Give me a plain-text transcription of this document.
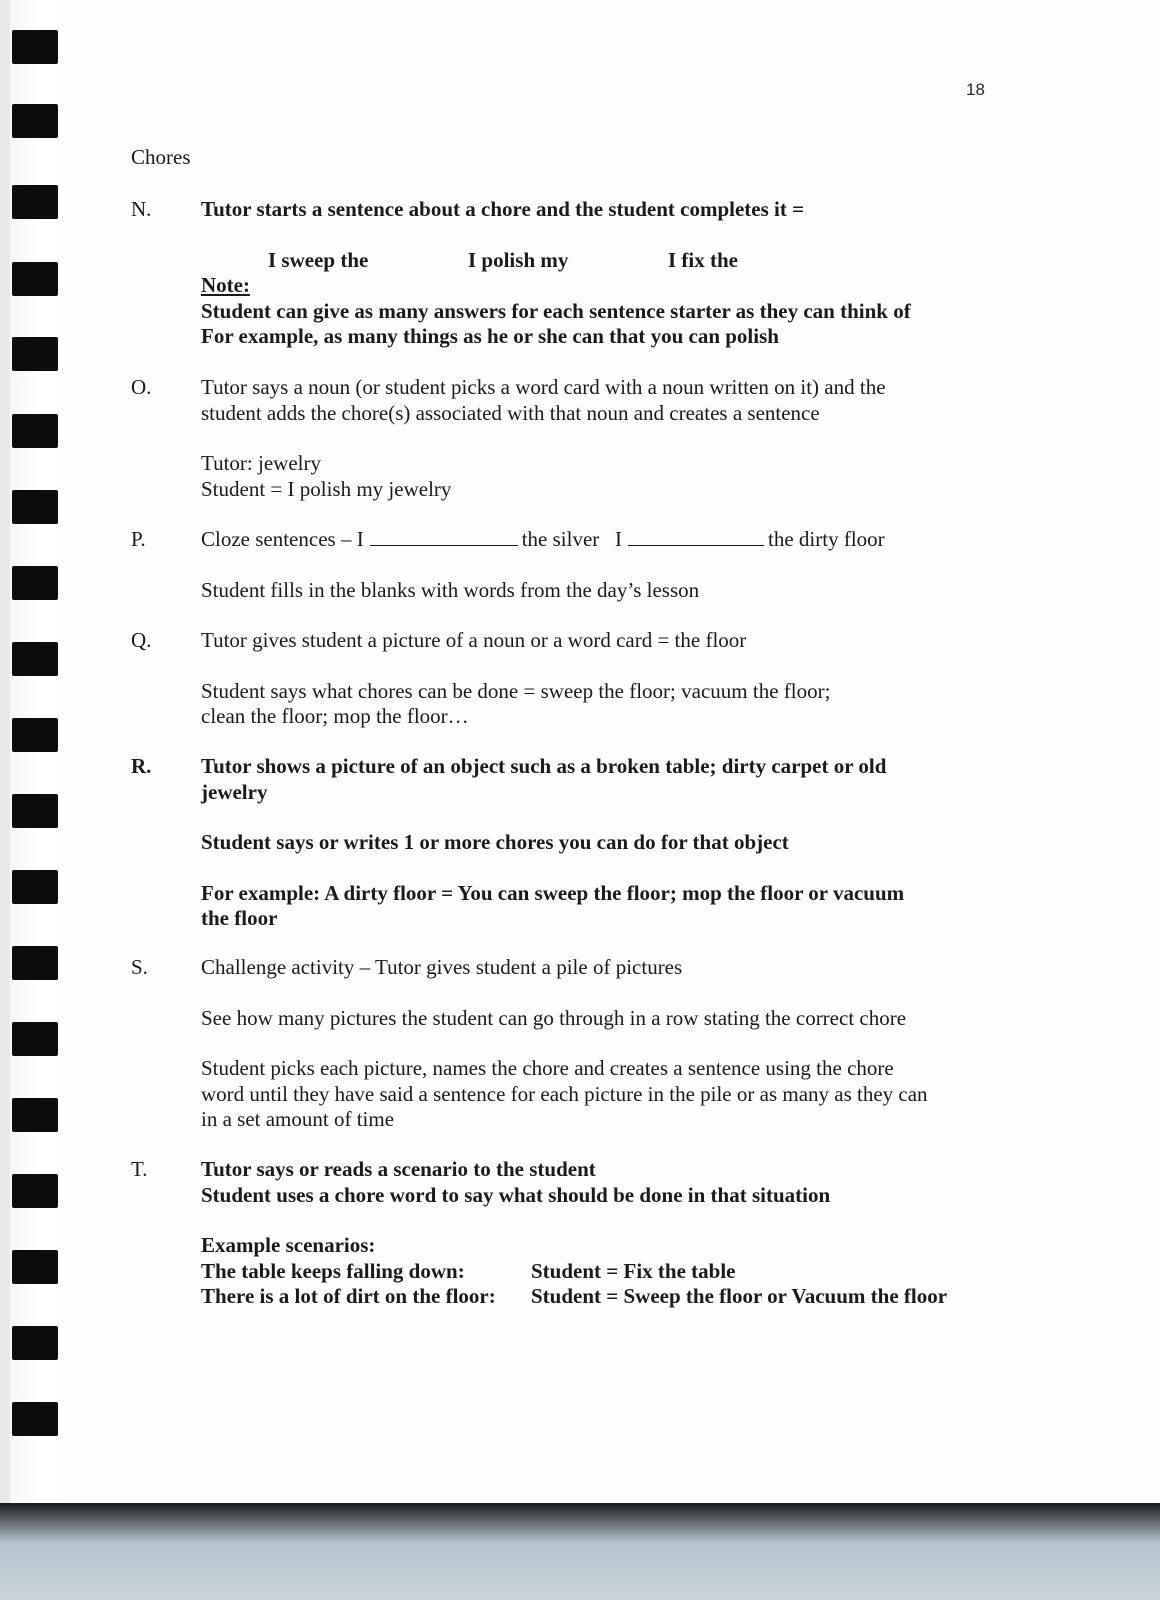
18
Chores
N.	Tutor starts a sentence about a chore and the student completes it =

I sweep the	I polish my	I fix the

Note:

Student can give as many answers for each sentence starter as they can think of

For example, as many things as he or she can that you can polish

O.	Tutor says a noun (or student picks a word card with a noun written on it) and the

student adds the chore(s) associated with that noun and creates a sentence

Tutor: jewelry

Student = I polish my jewelry

P.	Cloze sentences – I	the silver   I	the dirty floor

Student fills in the blanks with words from the day’s lesson

Q.	Tutor gives student a picture of a noun or a word card = the floor

Student says what chores can be done = sweep the floor; vacuum the floor;

clean the floor; mop the floor…

R.	Tutor shows a picture of an object such as a broken table; dirty carpet or old

jewelry

Student says or writes 1 or more chores you can do for that object

For example: A dirty floor = You can sweep the floor; mop the floor or vacuum

the floor

S.	Challenge activity – Tutor gives student a pile of pictures

See how many pictures the student can go through in a row stating the correct chore

Student picks each picture, names the chore and creates a sentence using the chore

word until they have said a sentence for each picture in the pile or as many as they can

in a set amount of time

T.	Tutor says or reads a scenario to the student

Student uses a chore word to say what should be done in that situation

Example scenarios:

The table keeps falling down:	Student = Fix the table
There is a lot of dirt on the floor:	Student = Sweep the floor or Vacuum the floor
